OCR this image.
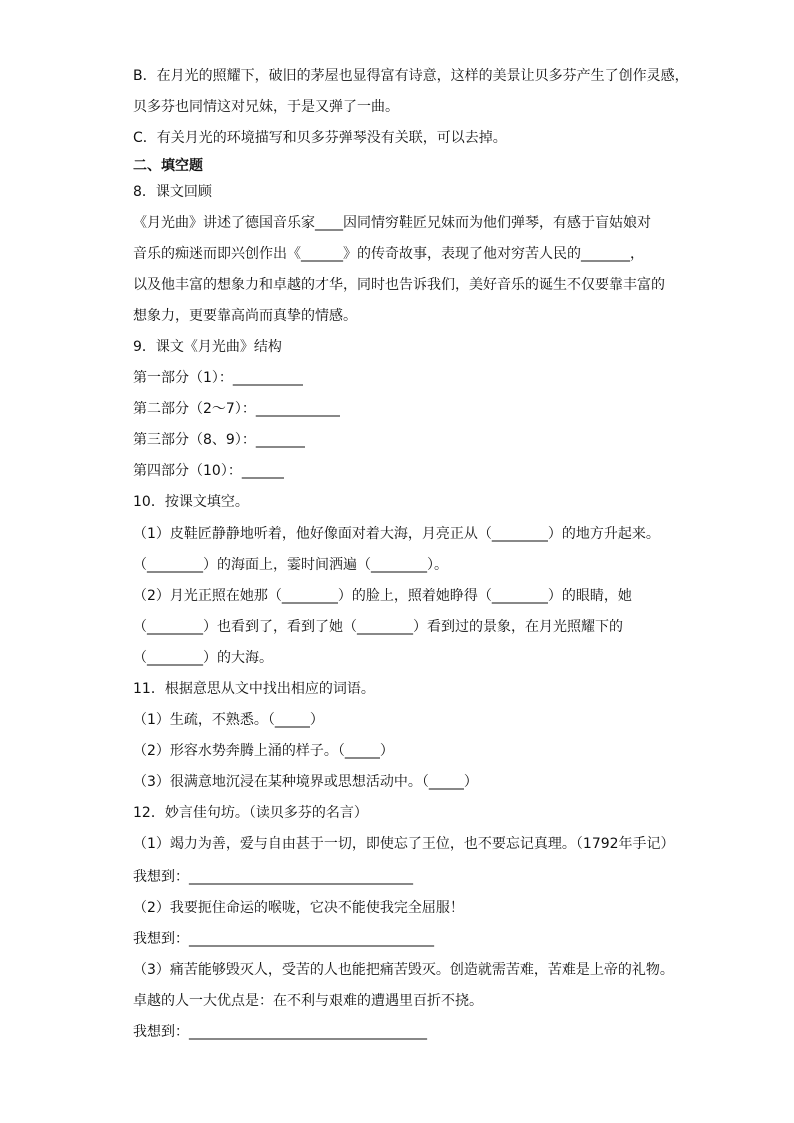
B．在月光的照耀下，破旧的茅屋也显得富有诗意，这样的美景让贝多芬产生了创作灵感，
贝多芬也同情这对兄妹，于是又弹了一曲。
C．有关月光的环境描写和贝多芬弹琴没有关联，可以去掉。
二、填空题
8．课文回顾
《月光曲》讲述了德国音乐家____因同情穷鞋匠兄妹而为他们弹琴，有感于盲姑娘对
音乐的痴迷而即兴创作出《______》的传奇故事，表现了他对穷苦人民的_______，
以及他丰富的想象力和卓越的才华，同时也告诉我们，美好音乐的诞生不仅要靠丰富的
想象力，更要靠高尚而真挚的情感。
9．课文《月光曲》结构
第一部分（1）：__________
第二部分（2～7）：____________
第三部分（8、9）：_______
第四部分（10）：______
10．按课文填空。
（1）皮鞋匠静静地听着，他好像面对着大海，月亮正从（________）的地方升起来。
（________）的海面上，霎时间洒遍（________）。
（2）月光正照在她那（________）的脸上，照着她睁得（________）的眼睛，她
（________）也看到了，看到了她（________）看到过的景象，在月光照耀下的
（________）的大海。
11．根据意思从文中找出相应的词语。
（1）生疏，不熟悉。（_____）
（2）形容水势奔腾上涌的样子。（_____）
（3）很满意地沉浸在某种境界或思想活动中。（_____）
12．妙言佳句坊。（读贝多芬的名言）
（1）竭力为善，爱与自由甚于一切，即使忘了王位，也不要忘记真理。（1792年手记）
我想到：________________________________
（2）我要扼住命运的喉咙，它决不能使我完全屈服！
我想到：___________________________________
（3）痛苦能够毁灭人，受苦的人也能把痛苦毁灭。创造就需苦难，苦难是上帝的礼物。
卓越的人一大优点是：在不利与艰难的遭遇里百折不挠。
我想到：__________________________________
